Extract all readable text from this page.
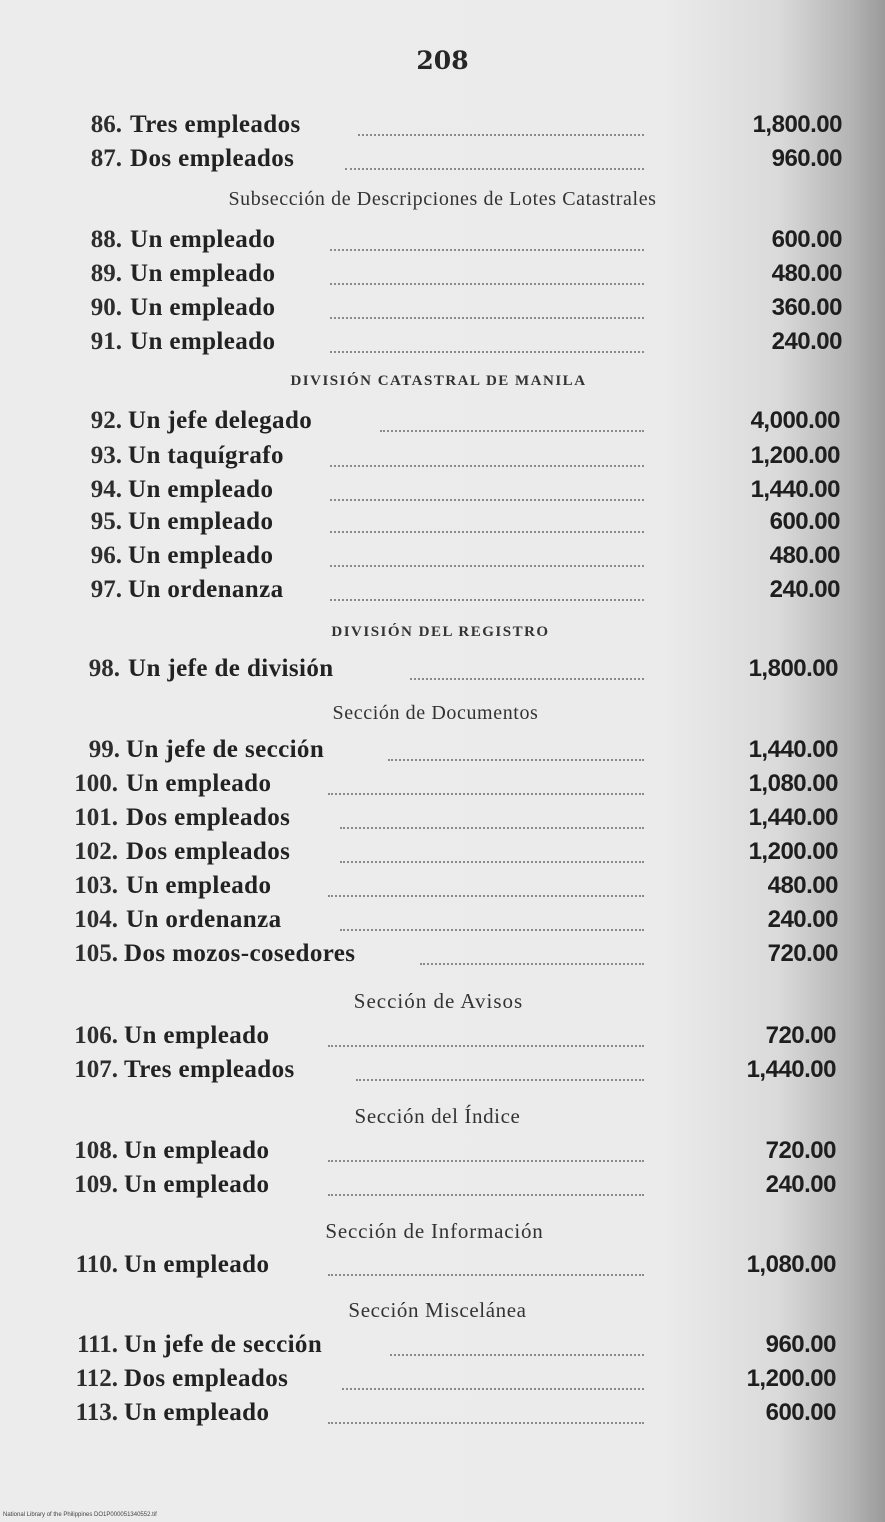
208
Subsección de Descripciones de Lotes Catastrales
DIVISIÓN CATASTRAL DE MANILA
DIVISIÓN DEL REGISTRO
Sección de Documentos
Sección de Avisos
Sección del Índice
Sección de Información
Sección Miscelánea
86. Tres empleados	1,800.00
87. Dos empleados	960.00
88. Un empleado	600.00
89. Un empleado	480.00
90. Un empleado	360.00
91. Un empleado	240.00
92. Un jefe delegado	4,000.00
93. Un taquígrafo	1,200.00
94. Un empleado	1,440.00
95. Un empleado	600.00
96. Un empleado	480.00
97. Un ordenanza	240.00
98. Un jefe de división	1,800.00
99. Un jefe de sección	1,440.00
100. Un empleado	1,080.00
101. Dos empleados	1,440.00
102. Dos empleados	1,200.00
103. Un empleado	480.00
104. Un ordenanza	240.00
105. Dos mozos-cosedores	720.00
106. Un empleado	720.00
107. Tres empleados	1,440.00
108. Un empleado	720.00
109. Un empleado	240.00
110. Un empleado	1,080.00
111. Un jefe de sección	960.00
112. Dos empleados	1,200.00
113. Un empleado	600.00
National Library of the Philippines DO1P000051340552.tif
